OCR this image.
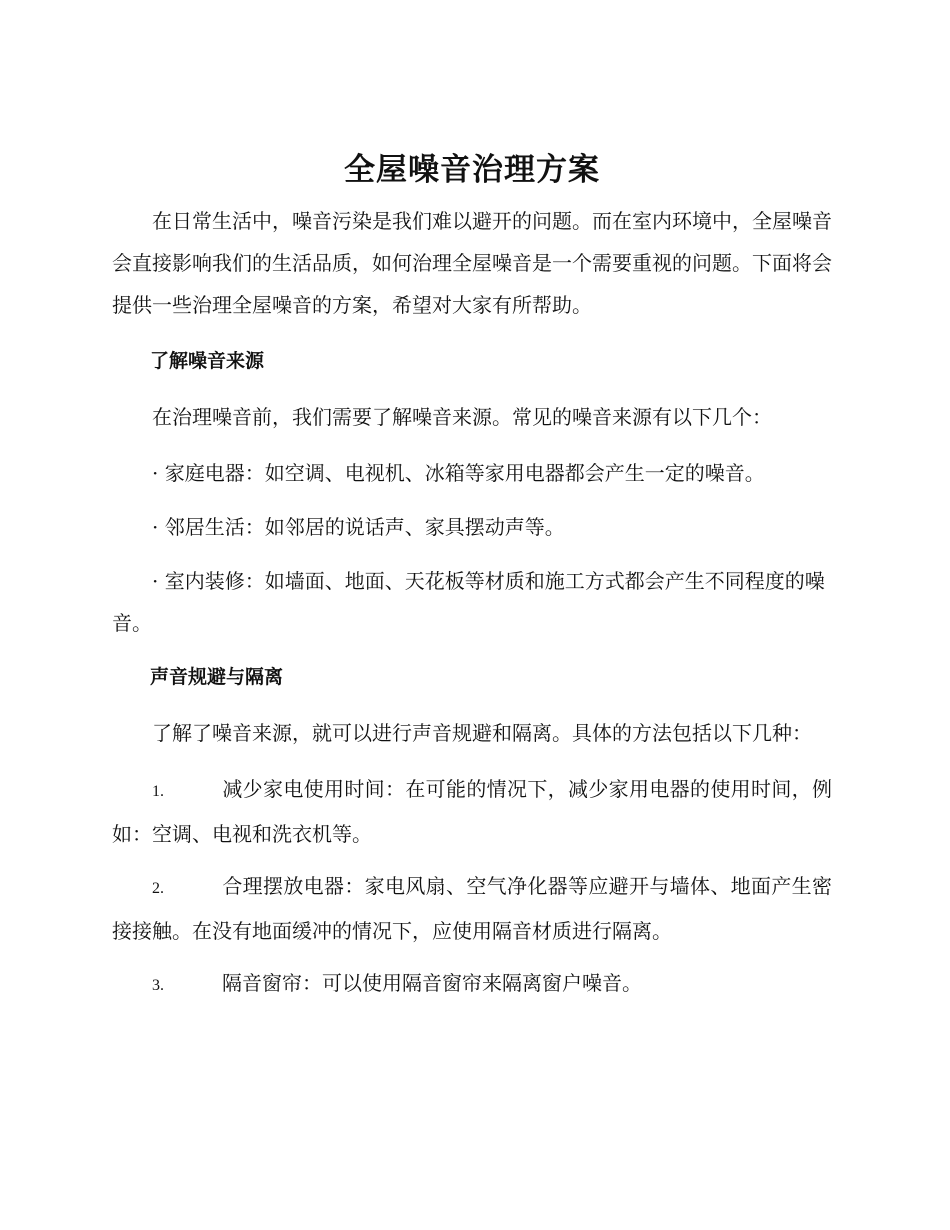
全屋噪音治理方案

在日常生活中，噪音污染是我们难以避开的问题。而在室内环境中，全屋噪音会直接影响我们的生活品质，如何治理全屋噪音是一个需要重视的问题。下面将会提供一些治理全屋噪音的方案，希望对大家有所帮助。

了解噪音来源

在治理噪音前，我们需要了解噪音来源。常见的噪音来源有以下几个：

· 家庭电器：如空调、电视机、冰箱等家用电器都会产生一定的噪音。

· 邻居生活：如邻居的说话声、家具摆动声等。

· 室内装修：如墙面、地面、天花板等材质和施工方式都会产生不同程度的噪音。

声音规避与隔离

了解了噪音来源，就可以进行声音规避和隔离。具体的方法包括以下几种：

1.	减少家电使用时间：在可能的情况下，减少家用电器的使用时间，例如：空调、电视和洗衣机等。

2.	合理摆放电器：家电风扇、空气净化器等应避开与墙体、地面产生密接接触。在没有地面缓冲的情况下，应使用隔音材质进行隔离。

3.	隔音窗帘：可以使用隔音窗帘来隔离窗户噪音。
